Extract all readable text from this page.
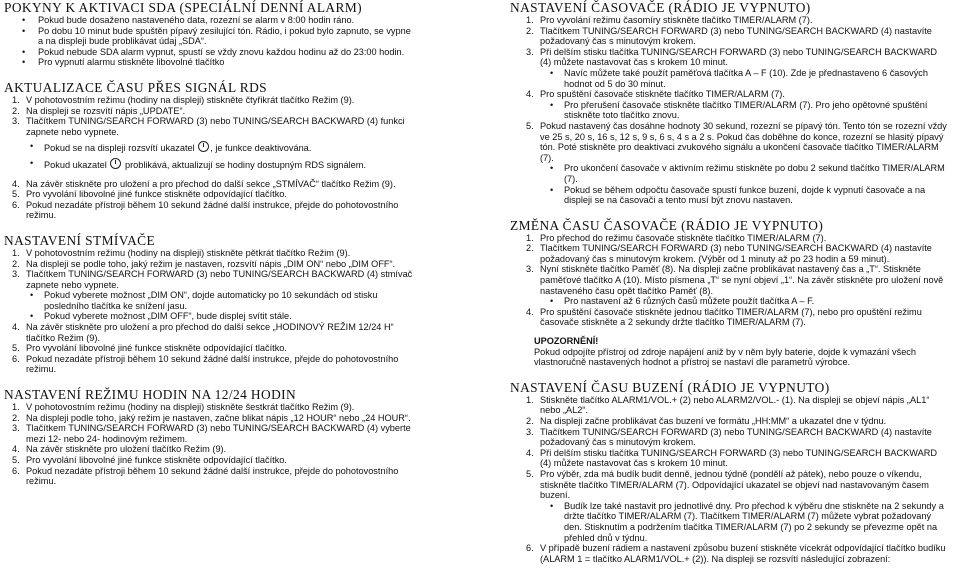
POKYNY K AKTIVACI SDA (SPECIÁLNÍ DENNÍ ALARM)
•	Pokud bude dosaženo nastaveného data, rozezní se alarm v 8:00 hodin ráno.
•	Po dobu 10 minut bude spuštěn pípavý zesilující tón. Rádio, i pokud bylo zapnuto, se vypne a na displeji bude problikávat údaj „SDA“.
•	Pokud nebude SDA alarm vypnut, spustí se vždy znovu každou hodinu až do 23:00 hodin.
•	Pro vypnutí alarmu stiskněte libovolné tlačítko
AKTUALIZACE ČASU PŘES SIGNÁL RDS
1. V pohotovostním režimu (hodiny na displeji) stiskněte čtyřikrát tlačítko Režim (9).
2. Na displeji se rozsvítí nápis „UPDATE“.
3. Tlačítkem TUNING/SEARCH FORWARD (3) nebo TUNING/SEARCH BACKWARD (4) funkci zapnete nebo vypnete.
•	Pokud se na displeji rozsvítí ukazatel , je funkce deaktivována.
•	Pokud ukazatel problikává, aktualizují se hodiny dostupným RDS signálem.
4. Na závěr stiskněte pro uložení a pro přechod do další sekce „STMÍVAČ“ tlačítko Režim (9).
5. Pro vyvolání libovolné jiné funkce stiskněte odpovídající tlačítko.
6. Pokud nezadáte přístroji během 10 sekund žádné další instrukce, přejde do pohotovostního režimu.
NASTAVENÍ STMÍVAČE
1. V pohotovostním režimu (hodiny na displeji) stiskněte pětkrát tlačítko Režim (9).
2. Na displeji se podle toho, jaký režim je nastaven, rozsvítí nápis „DIM ON“ nebo „DIM OFF“.
3. Tlačítkem TUNING/SEARCH FORWARD (3) nebo TUNING/SEARCH BACKWARD (4) stmívač zapnete nebo vypnete.
•	Pokud vyberete možnost „DIM ON“, dojde automaticky po 10 sekundách od stisku posledního tlačítka ke snížení jasu.
•	Pokud vyberete možnost „DIM OFF“, bude displej svítit stále.
4. Na závěr stiskněte pro uložení a pro přechod do další sekce „HODINOVÝ REŽIM 12/24 H“ tlačítko Režim (9).
5. Pro vyvolání libovolné jiné funkce stiskněte odpovídající tlačítko.
6. Pokud nezadáte přístroji během 10 sekund žádné další instrukce, přejde do pohotovostního režimu.
NASTAVENÍ REŽIMU HODIN NA 12/24 HODIN
1. V pohotovostním režimu (hodiny na displeji) stiskněte šestkrát tlačítko Režim (9).
2. Na displeji podle toho, jaký režim je nastaven, začne blikat nápis „12 HOUR“ nebo „24 HOUR“.
3. Tlačítkem TUNING/SEARCH FORWARD (3) nebo TUNING/SEARCH BACKWARD (4) vyberte mezi 12- nebo 24- hodinovým režimem.
4. Na závěr stiskněte pro uložení tlačítko Režim (9).
5. Pro vyvolání libovolné jiné funkce stiskněte odpovídající tlačítko.
6. Pokud nezadáte přístroji během 10 sekund žádné další instrukce, přejde do pohotovostního režimu.
NASTAVENÍ ČASOVAČE (RÁDIO JE VYPNUTO)
1. Pro vyvolání režimu časomíry stiskněte tlačítko TIMER/ALARM (7).
2. Tlačítkem TUNING/SEARCH FORWARD (3) nebo TUNING/SEARCH BACKWARD (4) nastavíte požadovaný čas s minutovým krokem.
3. Při delším stisku tlačítka TUNING/SEARCH FORWARD (3) nebo TUNING/SEARCH BACKWARD (4) můžete nastavovat čas s krokem 10 minut.
•	Navíc můžete také použít paměťová tlačítka A – F (10). Zde je přednastaveno 6 časových hodnot od 5 do 30 minut.
4. Pro spuštění časovače stiskněte tlačítko TIMER/ALARM (7).
•	Pro přerušení časovače stiskněte tlačítko TIMER/ALARM (7). Pro jeho opětovné spuštění stiskněte toto tlačítko znovu.
5. Pokud nastavený čas dosáhne hodnoty 30 sekund, rozezní se pípavý tón. Tento tón se rozezní vždy ve 25 s, 20 s, 16 s, 12 s, 9 s, 6 s, 4 s a 2 s. Pokud čas doběhne do konce, rozezní se hlasitý pípavý tón. Poté stiskněte pro deaktivaci zvukového signálu a ukončení časovače tlačítko TIMER/ALARM (7).
•	Pro ukončení časovače v aktivním režimu stiskněte po dobu 2 sekund tlačítko TIMER/ALARM (7).
•	Pokud se během odpočtu časovače spustí funkce buzení, dojde k vypnutí časovače a na displeji se na časovači a tento musí být znovu nastaven.
ZMĚNA ČASU ČASOVAČE (RÁDIO JE VYPNUTO)
1. Pro přechod do režimu časovače stiskněte tlačítko TIMER/ALARM (7).
2. Tlačítkem TUNING/SEARCH FORWARD (3) nebo TUNING/SEARCH BACKWARD (4) nastavíte požadovaný čas s minutovým krokem. (Výběr od 1 minuty až po 23 hodin a 59 minut).
3. Nyní stiskněte tlačítko Paměť (8). Na displeji začne problikávat nastavený čas a „T“. Stiskněte paměťové tlačítko A (10). Místo písmena „T“ se nyní objeví „1“. Na závěr stiskněte pro uložení nově nastaveného času opět tlačítko Paměť (8).
•	Pro nastavení až 6 různých časů můžete použít tlačítka A – F.
4. Pro spuštění časovače stiskněte jednou tlačítko TIMER/ALARM (7), nebo pro opuštění režimu časovače stiskněte a 2 sekundy držte tlačítko TIMER/ALARM (7).
UPOZORNĚNÍ!
Pokud odpojíte přístroj od zdroje napájení aniž by v něm byly baterie, dojde k vymazání všech vlastnoručně nastavených hodnot a přístroj se nastaví dle parametrů výrobce.
NASTAVENÍ ČASU BUZENÍ (RÁDIO JE VYPNUTO)
1. Stiskněte tlačítko ALARM1/VOL.+ (2) nebo ALARM2/VOL.- (1). Na displeji se objeví nápis „AL1“ nebo „AL2“.
2. Na displeji začne problikávat čas buzení ve formátu „HH:MM“ a ukazatel dne v týdnu.
3. Tlačítkem TUNING/SEARCH FORWARD (3) nebo TUNING/SEARCH BACKWARD (4) nastavíte požadovaný čas s minutovým krokem.
4. Při delším stisku tlačítka TUNING/SEARCH FORWARD (3) nebo TUNING/SEARCH BACKWARD (4) můžete nastavovat čas s krokem 10 minut.
5. Pro výběr, zda má budík budit denně, jednou týdně (pondělí až pátek), nebo pouze o víkendu, stiskněte tlačítko TIMER/ALARM (7). Odpovídající ukazatel se objeví nad nastavovaným časem buzení.
•	Budík lze také nastavit pro jednotlivé dny. Pro přechod k výběru dne stiskněte na 2 sekundy a držte tlačítko TIMER/ALARM (7). Tlačítkem TIMER/ALARM (7) můžete vybrat požadovaný den. Stisknutím a podržením tlačítka TIMER/ALARM (7) po 2 sekundy se převezme opět na přehled dnů v týdnu.
6. V případě buzení rádiem a nastavení způsobu buzení stiskněte vícekrát odpovídající tlačítko budíku (ALARM 1 = tlačítko ALARM1/VOL.+ (2)). Na displeji se rozsvítí následující zobrazení:
